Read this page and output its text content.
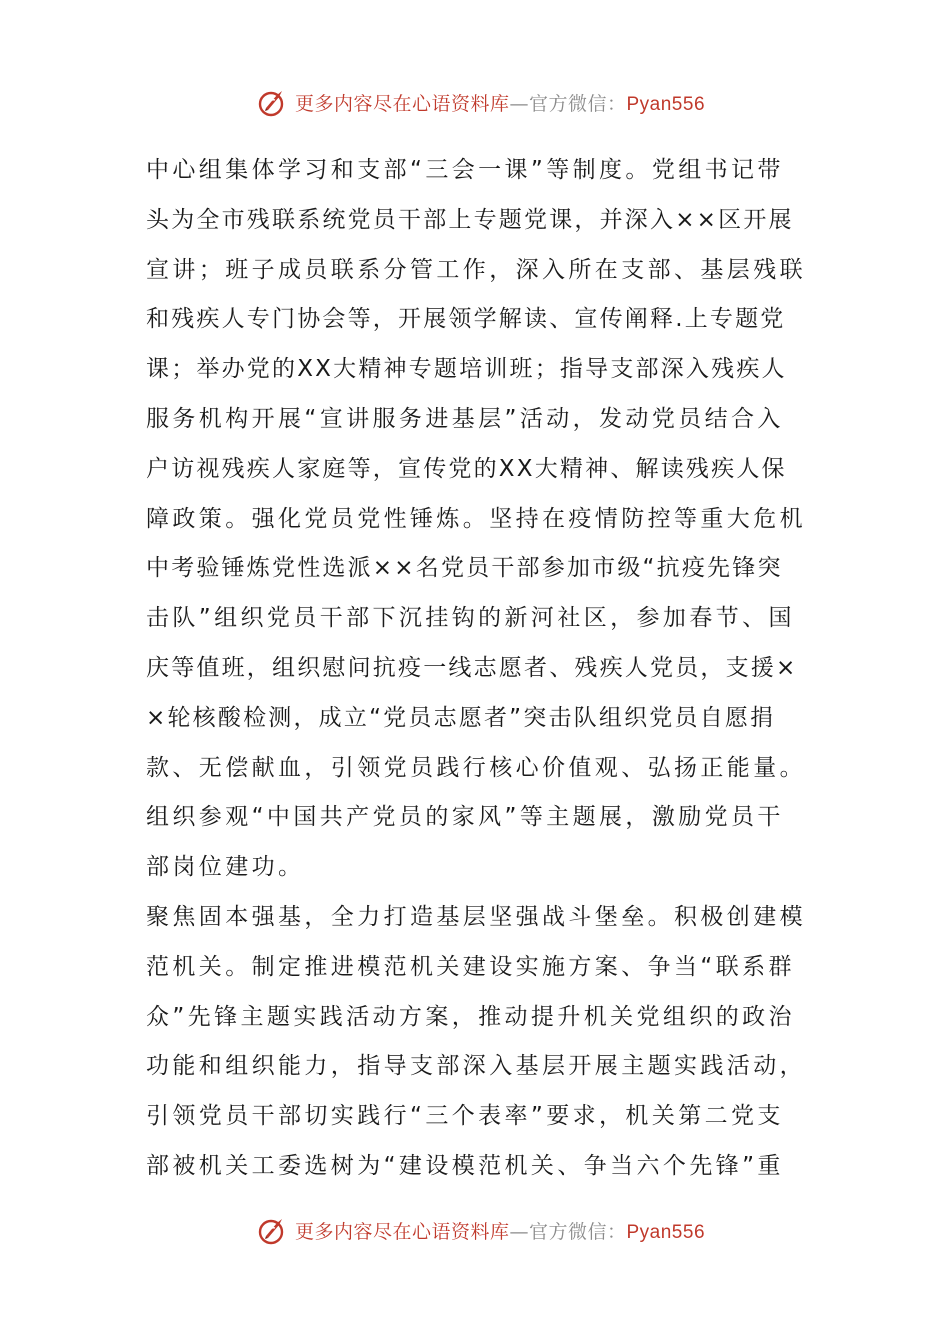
更多内容尽在心语资料库—官方微信：Pyan556
中心组集体学习和支部“三会一课”等制度。党组书记带
头为全市残联系统党员干部上专题党课，并深入××区开展
宣讲；班子成员联系分管工作，深入所在支部、基层残联
和残疾人专门协会等，开展领学解读、宣传阐释.上专题党
课；举办党的XX大精神专题培训班；指导支部深入残疾人
服务机构开展“宣讲服务进基层”活动，发动党员结合入
户访视残疾人家庭等，宣传党的XX大精神、解读残疾人保
障政策。强化党员党性锤炼。坚持在疫情防控等重大危机
中考验锤炼党性选派××名党员干部参加市级“抗疫先锋突
击队”组织党员干部下沉挂钩的新河社区，参加春节、国
庆等值班，组织慰问抗疫一线志愿者、残疾人党员，支援×
×轮核酸检测，成立“党员志愿者”突击队组织党员自愿捐
款、无偿献血，引领党员践行核心价值观、弘扬正能量。
组织参观“中国共产党员的家风”等主题展，激励党员干
部岗位建功。
聚焦固本强基，全力打造基层坚强战斗堡垒。积极创建模
范机关。制定推进模范机关建设实施方案、争当“联系群
众”先锋主题实践活动方案，推动提升机关党组织的政治
功能和组织能力，指导支部深入基层开展主题实践活动，
引领党员干部切实践行“三个表率”要求，机关第二党支
部被机关工委选树为“建设模范机关、争当六个先锋”重
更多内容尽在心语资料库—官方微信：Pyan556
